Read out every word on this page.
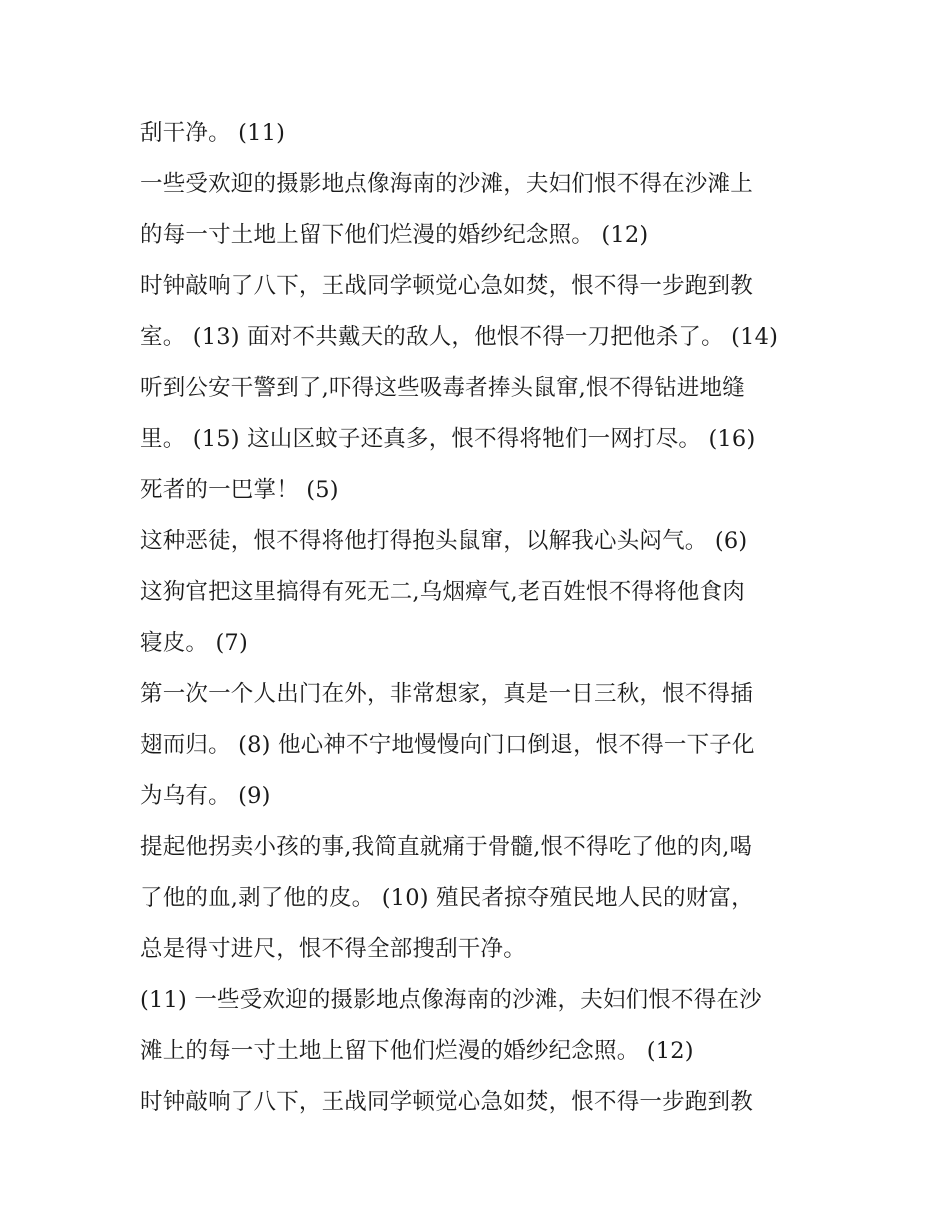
刮干净。 (11)
一些受欢迎的摄影地点像海南的沙滩，夫妇们恨不得在沙滩上
的每一寸土地上留下他们烂漫的婚纱纪念照。 (12)
时钟敲响了八下，王战同学顿觉心急如焚，恨不得一步跑到教
室。 (13) 面对不共戴天的敌人，他恨不得一刀把他杀了。 (14)
听到公安干警到了,吓得这些吸毒者捧头鼠窜,恨不得钻进地缝
里。 (15) 这山区蚊子还真多，恨不得将牠们一网打尽。 (16)
死者的一巴掌！ (5)
这种恶徒，恨不得将他打得抱头鼠窜，以解我心头闷气。 (6)
这狗官把这里搞得有死无二,乌烟瘴气,老百姓恨不得将他食肉
寝皮。 (7)
第一次一个人出门在外，非常想家，真是一日三秋，恨不得插
翅而归。 (8) 他心神不宁地慢慢向门口倒退，恨不得一下子化
为乌有。 (9)
提起他拐卖小孩的事,我简直就痛于骨髓,恨不得吃了他的肉,喝
了他的血,剥了他的皮。 (10) 殖民者掠夺殖民地人民的财富，
总是得寸进尺，恨不得全部搜刮干净。
(11) 一些受欢迎的摄影地点像海南的沙滩，夫妇们恨不得在沙
滩上的每一寸土地上留下他们烂漫的婚纱纪念照。 (12)
时钟敲响了八下，王战同学顿觉心急如焚，恨不得一步跑到教
